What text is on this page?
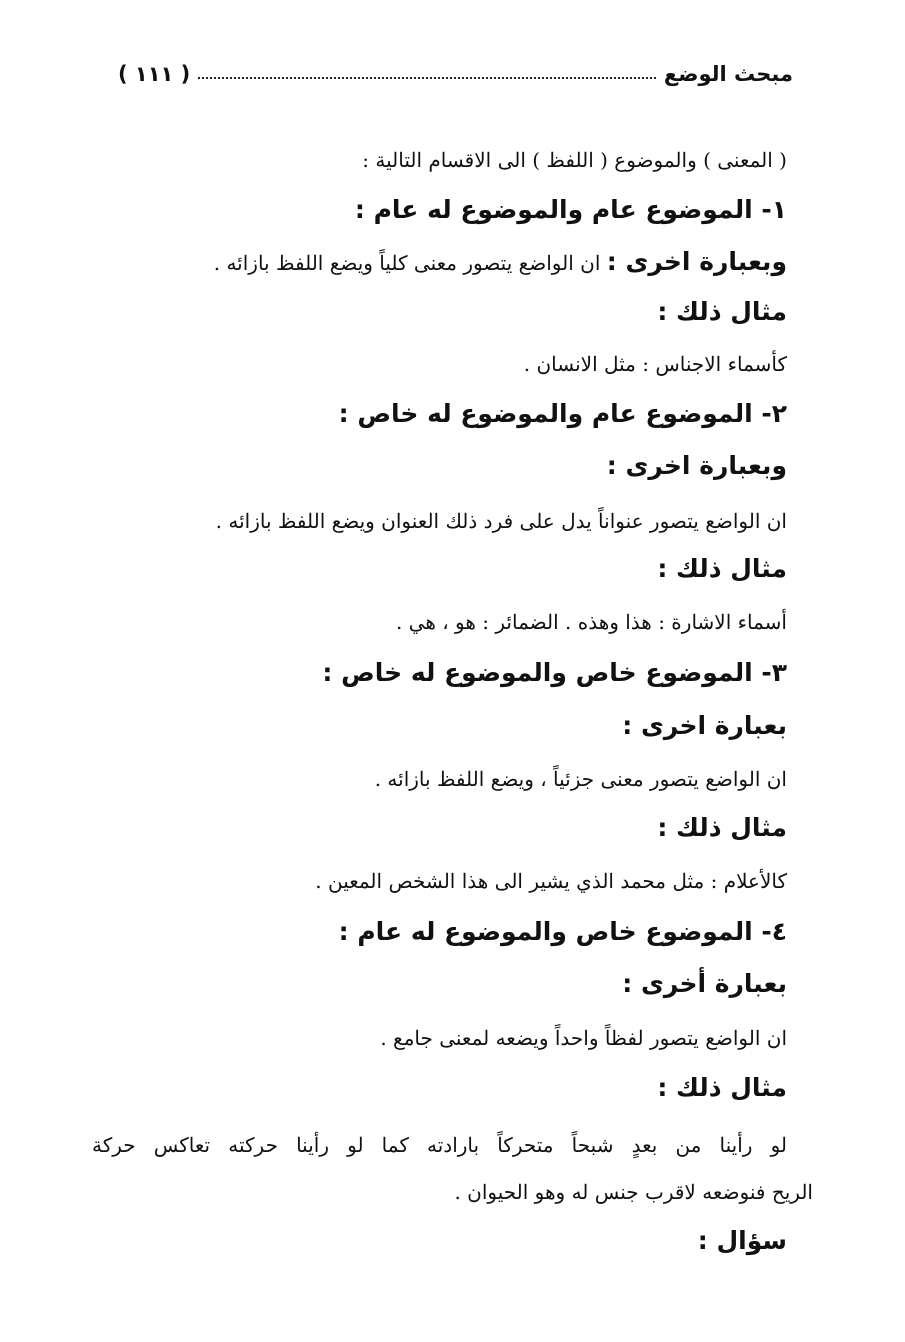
مبحث الوضع
( ١١١ )
( المعنى ) والموضوع ( اللفظ ) الى الاقسام التالية :
١- الموضوع عام والموضوع له عام :
وبعبارة اخرى : ان الواضع يتصور معنى كلياً ويضع اللفظ بازائه .
مثال ذلك :
كأسماء الاجناس : مثل الانسان .
٢- الموضوع عام والموضوع له خاص :
وبعبارة اخرى :
ان الواضع يتصور عنواناً يدل على فرد ذلك العنوان ويضع اللفظ بازائه .
مثال ذلك :
أسماء الاشارة : هذا وهذه . الضمائر : هو ، هي .
٣- الموضوع خاص والموضوع له خاص :
بعبارة اخرى :
ان الواضع يتصور معنى جزئياً ، ويضع اللفظ بازائه .
مثال ذلك :
كالأعلام : مثل محمد الذي يشير الى هذا الشخص المعين .
٤- الموضوع خاص والموضوع له عام :
بعبارة أخرى :
ان الواضع يتصور لفظاً واحداً ويضعه لمعنى جامع .
مثال ذلك :
لو رأينا من بعدٍ شبحاً متحركاً بارادته كما لو رأينا حركته تعاكس حركة
الريح فنوضعه لاقرب جنس له وهو الحيوان .
سؤال :
